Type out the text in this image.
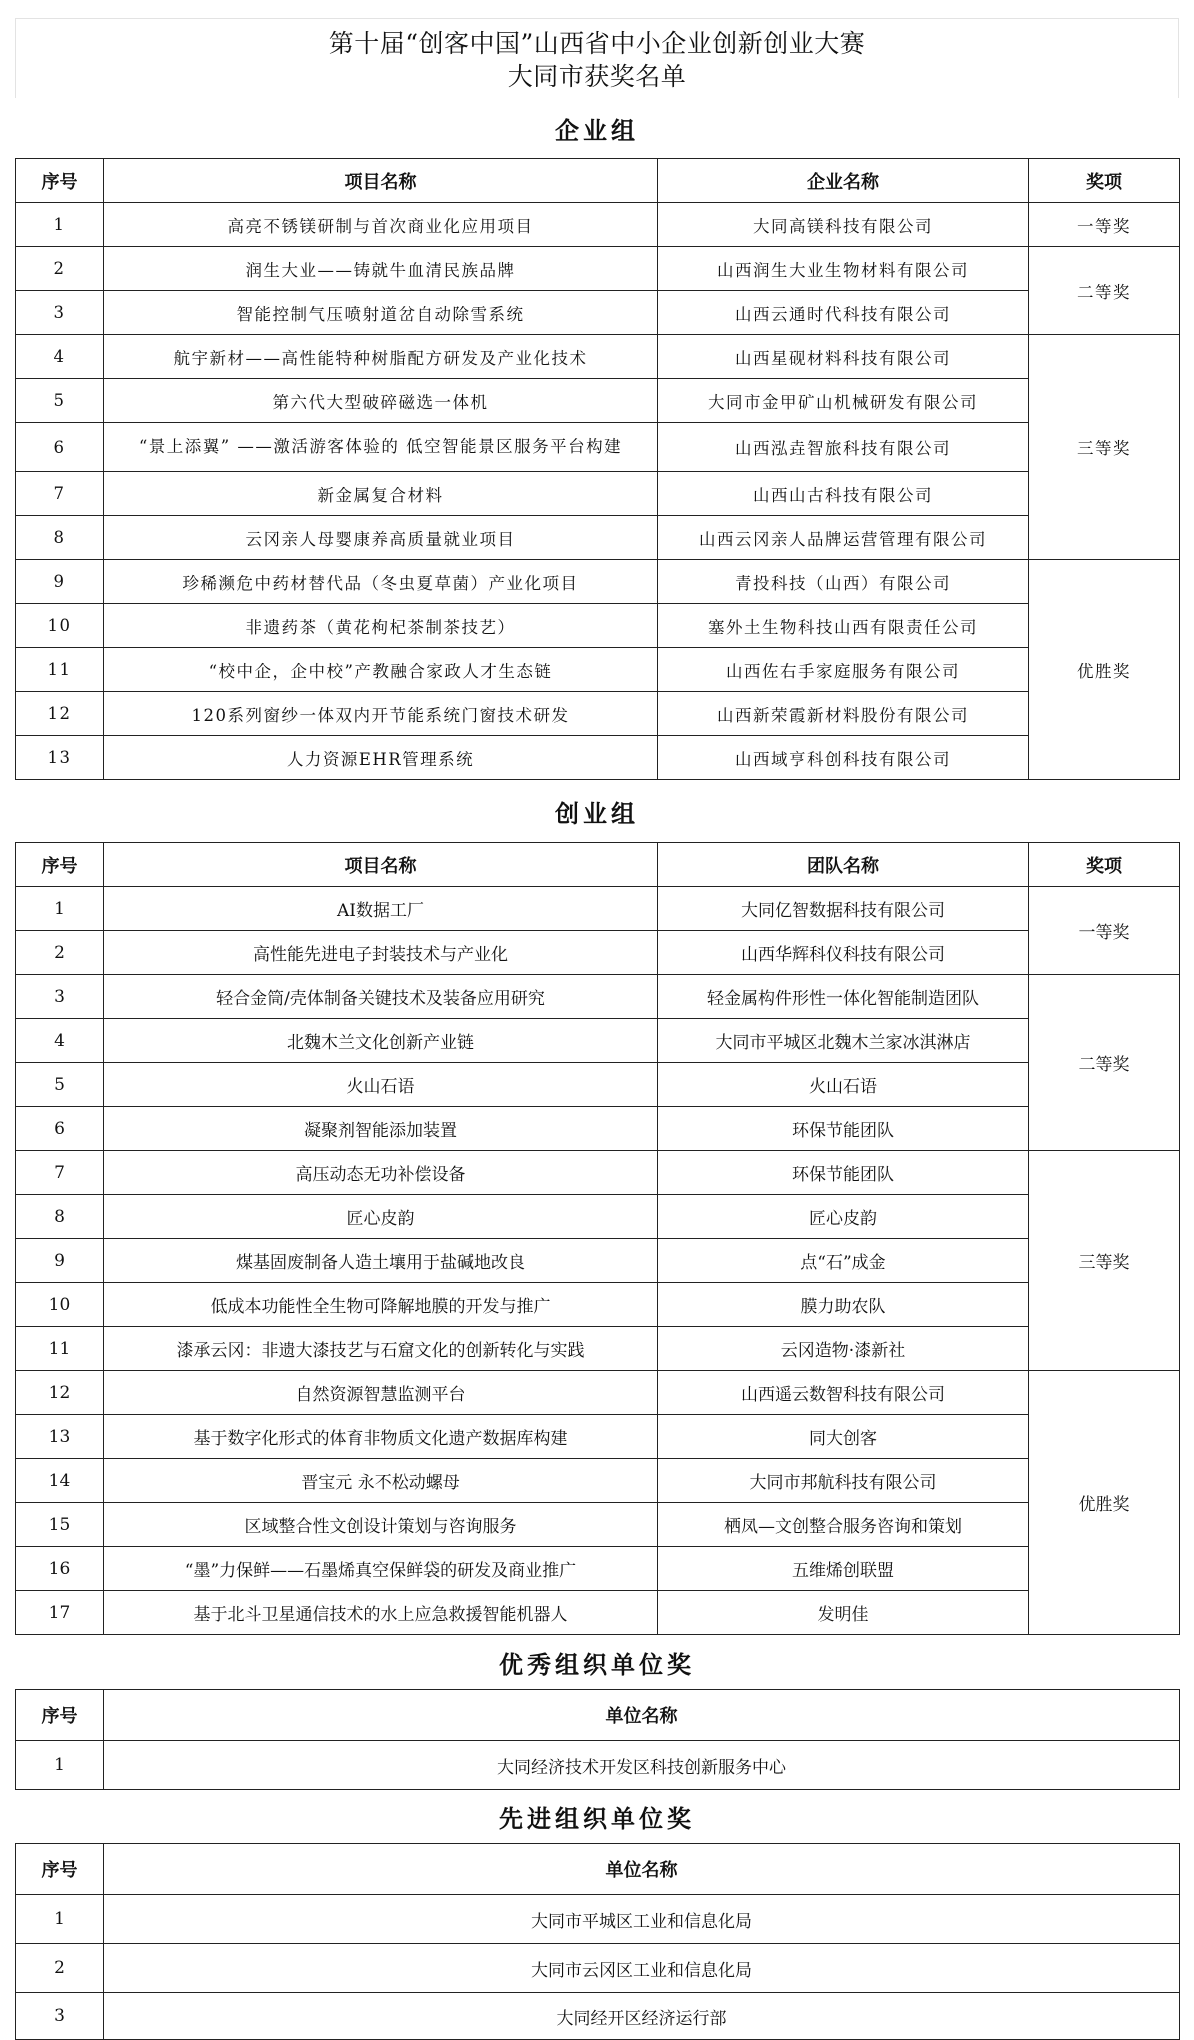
第十届“创客中国”山西省中小企业创新创业大赛
大同市获奖名单
企业组
序号	项目名称	企业名称	奖项
1	高亮不锈镁研制与首次商业化应用项目	大同高镁科技有限公司	一等奖
2	润生大业——铸就牛血清民族品牌	山西润生大业生物材料有限公司	二等奖
3	智能控制气压喷射道岔自动除雪系统	山西云通时代科技有限公司	
4	航宇新材——高性能特种树脂配方研发及产业化技术	山西星砚材料科技有限公司	三等奖
5	第六代大型破碎磁选一体机	大同市金甲矿山机械研发有限公司	
6	“景上添翼” ——激活游客体验的 低空智能景区服务平台构建	山西泓垚智旅科技有限公司	
7	新金属复合材料	山西山古科技有限公司	
8	云冈亲人母婴康养高质量就业项目	山西云冈亲人品牌运营管理有限公司	
9	珍稀濒危中药材替代品（冬虫夏草菌）产业化项目	青投科技（山西）有限公司	优胜奖
10	非遗药茶（黄花枸杞茶制茶技艺）	塞外土生物科技山西有限责任公司	
11	“校中企，企中校”产教融合家政人才生态链	山西佐右手家庭服务有限公司	
12	120系列窗纱一体双内开节能系统门窗技术研发	山西新荣霞新材料股份有限公司	
13	人力资源EHR管理系统	山西域亨科创科技有限公司	
创业组
序号	项目名称	团队名称	奖项
1	AI数据工厂	大同亿智数据科技有限公司	一等奖
2	高性能先进电子封装技术与产业化	山西华辉科仪科技有限公司	
3	轻合金筒/壳体制备关键技术及装备应用研究	轻金属构件形性一体化智能制造团队	二等奖
4	北魏木兰文化创新产业链	大同市平城区北魏木兰家冰淇淋店	
5	火山石语	火山石语	
6	凝聚剂智能添加装置	环保节能团队	
7	高压动态无功补偿设备	环保节能团队	三等奖
8	匠心皮韵	匠心皮韵	
9	煤基固废制备人造土壤用于盐碱地改良	点“石”成金	
10	低成本功能性全生物可降解地膜的开发与推广	膜力助农队	
11	漆承云冈：非遗大漆技艺与石窟文化的创新转化与实践	云冈造物·漆新社	
12	自然资源智慧监测平台	山西遥云数智科技有限公司	优胜奖
13	基于数字化形式的体育非物质文化遗产数据库构建	同大创客	
14	晋宝元 永不松动螺母	大同市邦航科技有限公司	
15	区域整合性文创设计策划与咨询服务	栖凤—文创整合服务咨询和策划	
16	“墨”力保鲜——石墨烯真空保鲜袋的研发及商业推广	五维烯创联盟	
17	基于北斗卫星通信技术的水上应急救援智能机器人	发明佳	
优秀组织单位奖
序号	单位名称
1	大同经济技术开发区科技创新服务中心
先进组织单位奖
序号	单位名称
1	大同市平城区工业和信息化局
2	大同市云冈区工业和信息化局
3	大同经开区经济运行部
